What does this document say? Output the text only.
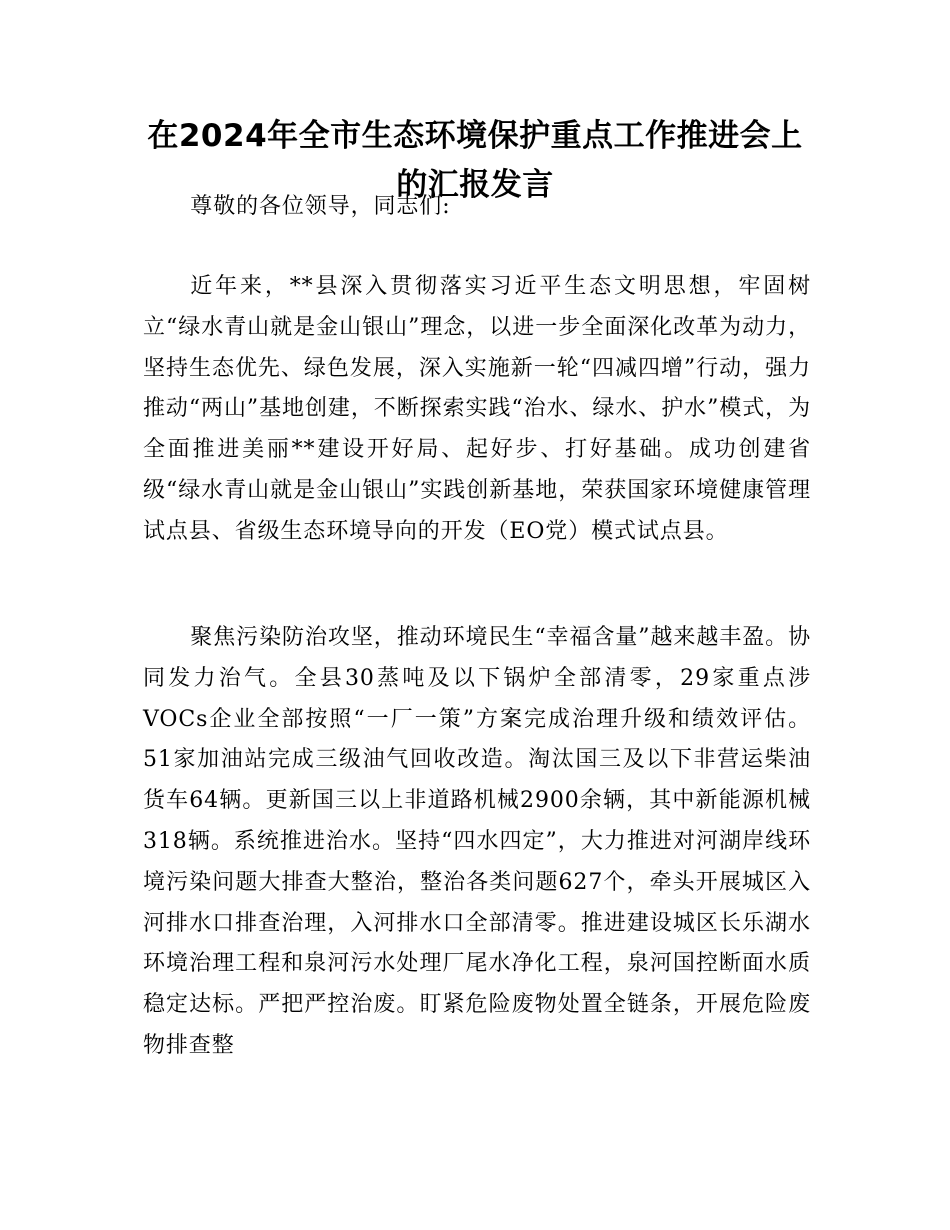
在2024年全市生态环境保护重点工作推进会上
的汇报发言

尊敬的各位领导，同志们:

近年来，**县深入贯彻落实习近平生态文明思想，牢固树立“绿水青山就是金山银山”理念，以进一步全面深化改革为动力，坚持生态优先、绿色发展，深入实施新一轮“四减四增”行动，强力推动“两山”基地创建，不断探索实践“治水、绿水、护水”模式，为全面推进美丽**建设开好局、起好步、打好基础。成功创建省级“绿水青山就是金山银山”实践创新基地，荣获国家环境健康管理试点县、省级生态环境导向的开发（EO党）模式试点县。

聚焦污染防治攻坚，推动环境民生“幸福含量”越来越丰盈。协同发力治气。全县30蒸吨及以下锅炉全部清零，29家重点涉VOCs企业全部按照“一厂一策”方案完成治理升级和绩效评估。51家加油站完成三级油气回收改造。淘汰国三及以下非营运柴油货车64辆。更新国三以上非道路机械2900余辆，其中新能源机械318辆。系统推进治水。坚持“四水四定”，大力推进对河湖岸线环境污染问题大排查大整治，整治各类问题627个，牵头开展城区入河排水口排查治理，入河排水口全部清零。推进建设城区长乐湖水环境治理工程和泉河污水处理厂尾水净化工程，泉河国控断面水质稳定达标。严把严控治废。盯紧危险废物处置全链条，开展危险废物排查整
